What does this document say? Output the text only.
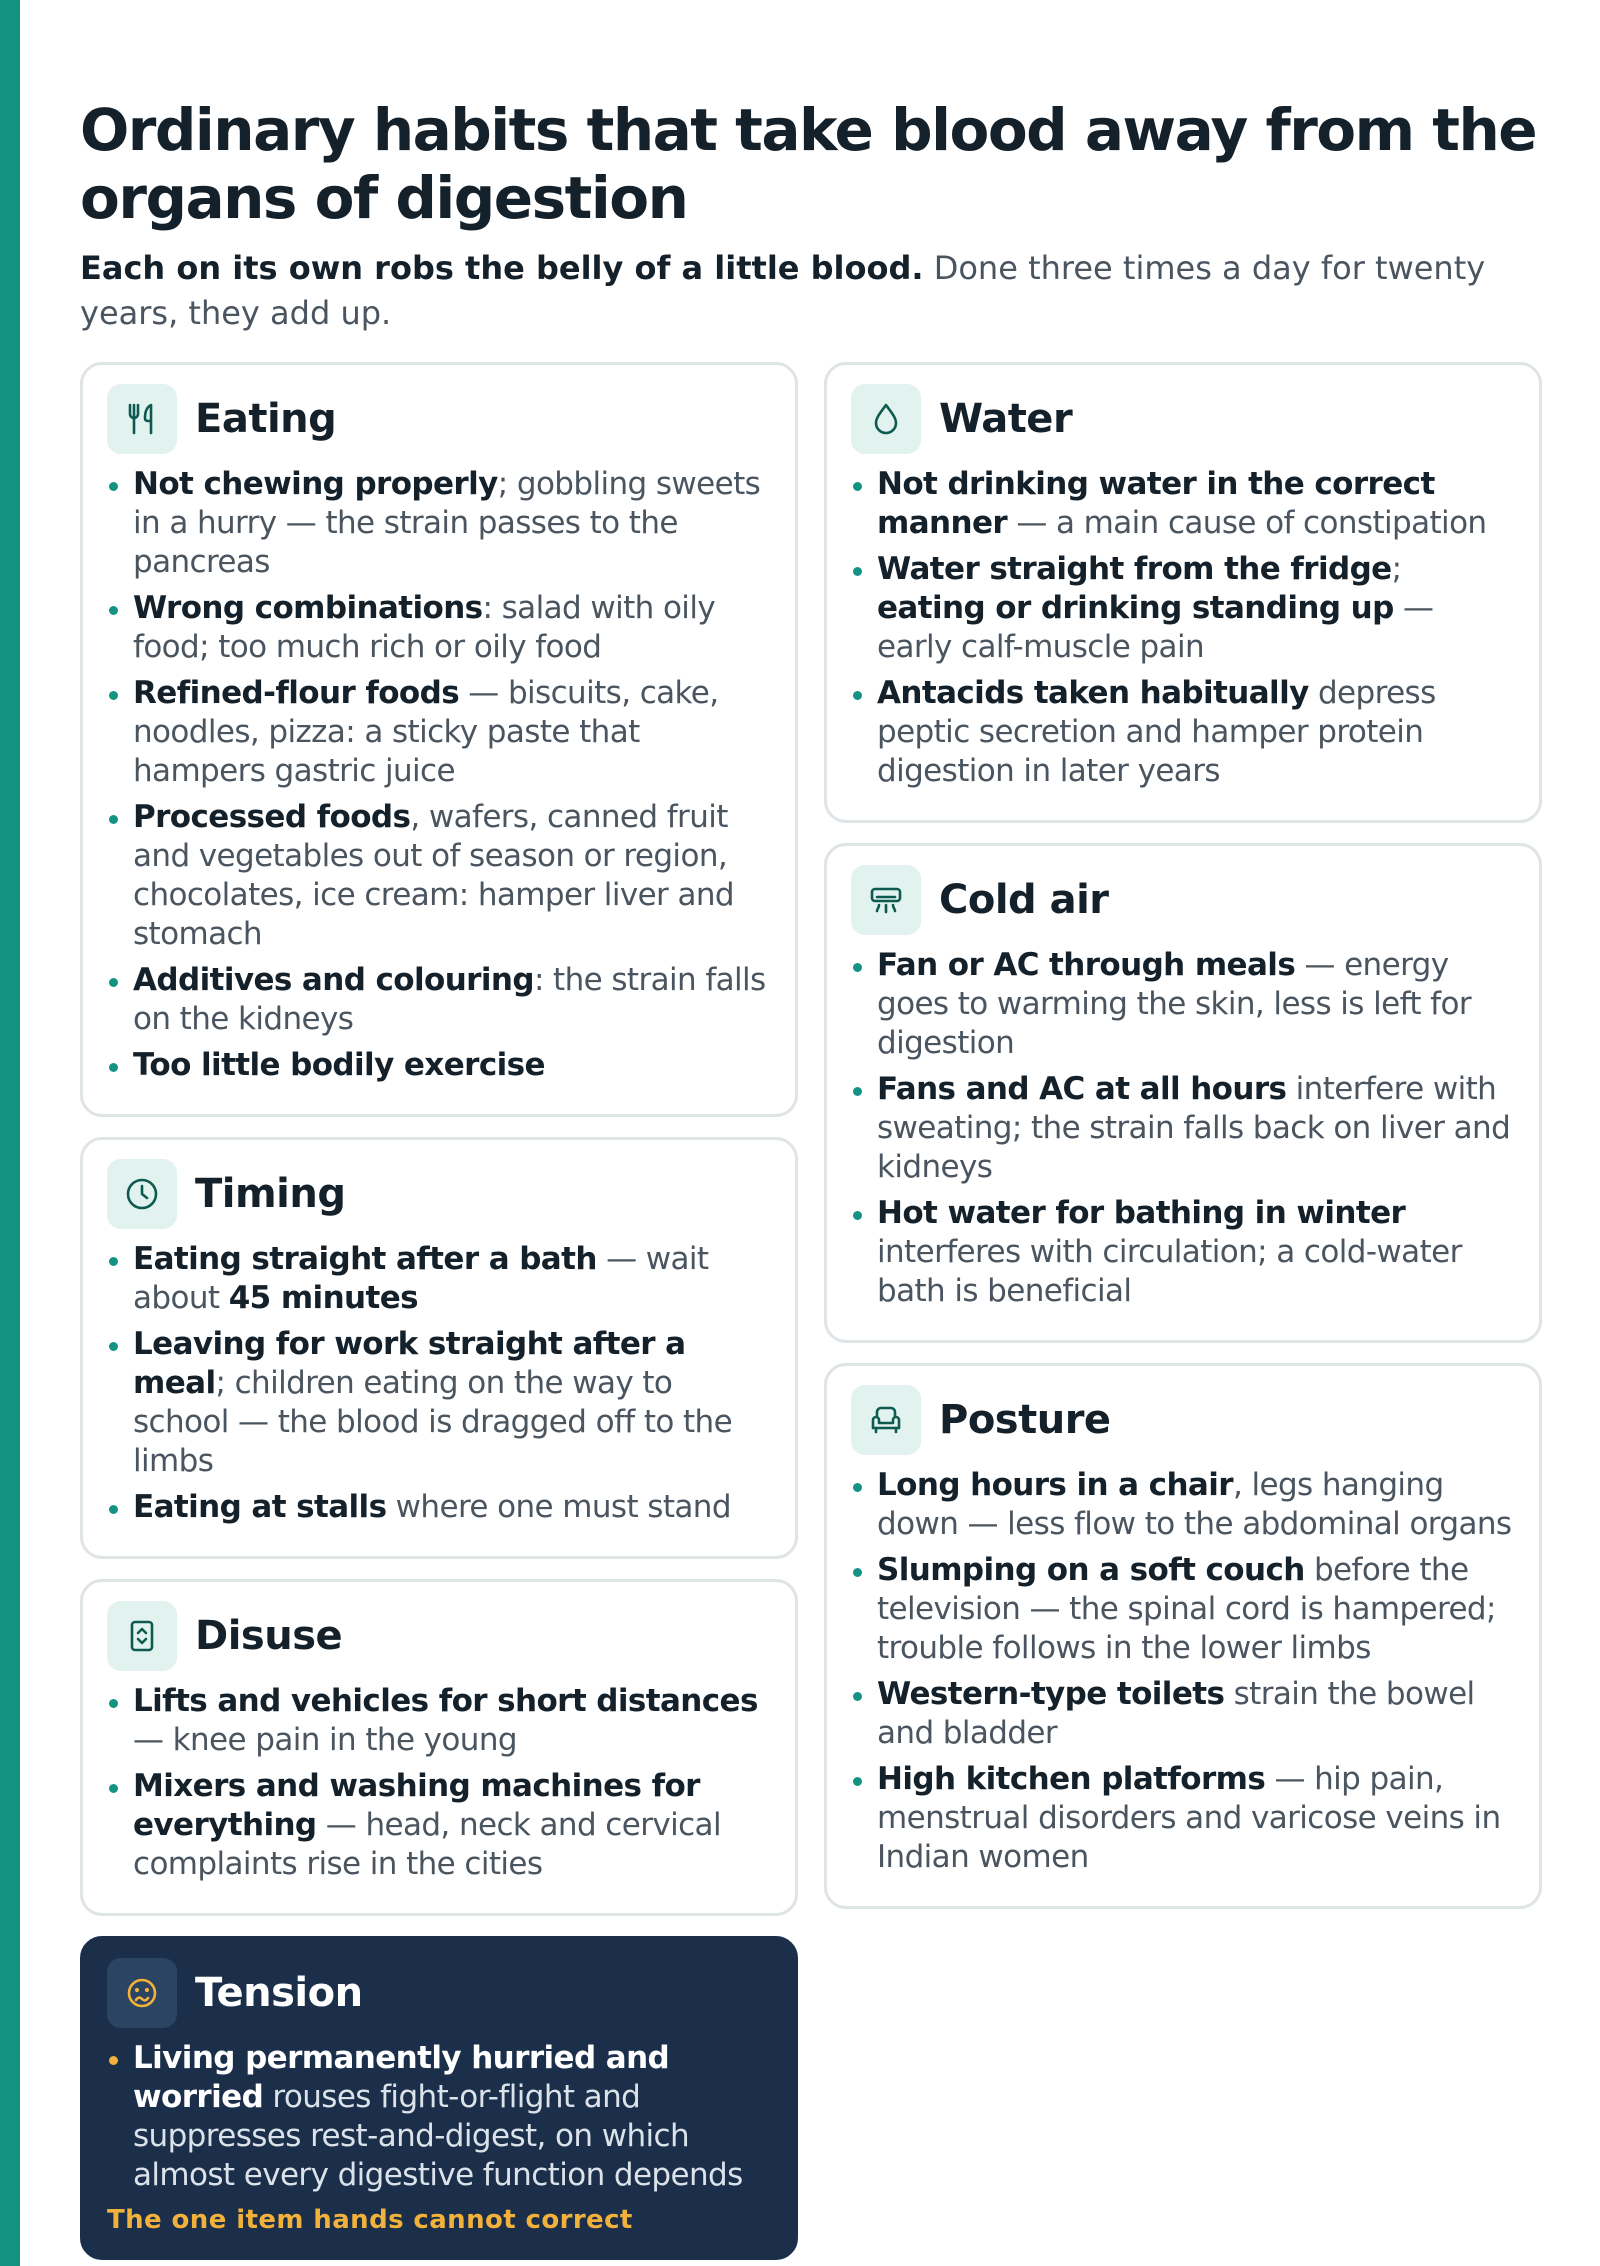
Ordinary habits that take blood away from the organs of digestion

Each on its own robs the belly of a little blood. Done three times a day for twenty years, they add up.

Eating
Not chewing properly; gobbling sweets in a hurry — the strain passes to the pancreas
Wrong combinations: salad with oily food; too much rich or oily food
Refined-flour foods — biscuits, cake, noodles, pizza: a sticky paste that hampers gastric juice
Processed foods, wafers, canned fruit and vegetables out of season or region, chocolates, ice cream: hamper liver and stomach
Additives and colouring: the strain falls on the kidneys
Too little bodily exercise
Timing
Eating straight after a bath — wait about 45 minutes
Leaving for work straight after a meal; children eating on the way to school — the blood is dragged off to the limbs
Eating at stalls where one must stand
Disuse
Lifts and vehicles for short distances — knee pain in the young
Mixers and washing machines for everything — head, neck and cervical complaints rise in the cities
Tension
Living permanently hurried and worried rouses fight-or-flight and suppresses rest-and-digest, on which almost every digestive function depends
The one item hands cannot correct
Water
Not drinking water in the correct manner — a main cause of constipation
Water straight from the fridge; eating or drinking standing up — early calf-muscle pain
Antacids taken habitually depress peptic secretion and hamper protein digestion in later years
Cold air
Fan or AC through meals — energy goes to warming the skin, less is left for digestion
Fans and AC at all hours interfere with sweating; the strain falls back on liver and kidneys
Hot water for bathing in winter interferes with circulation; a cold-water bath is beneficial
Posture
Long hours in a chair, legs hanging down — less flow to the abdominal organs
Slumping on a soft couch before the television — the spinal cord is hampered; trouble follows in the lower limbs
Western-type toilets strain the bowel and bladder
High kitchen platforms — hip pain, menstrual disorders and varicose veins in Indian women
